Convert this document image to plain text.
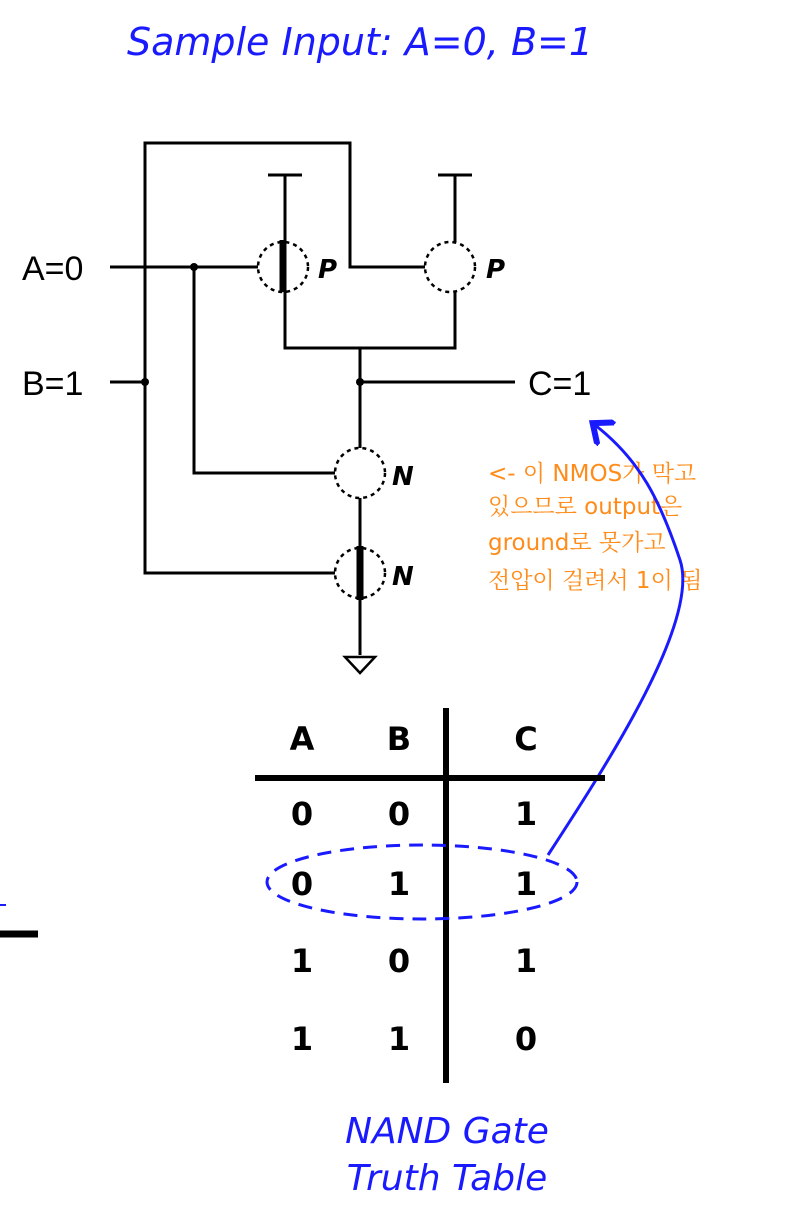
Sample Input: A=0, B=1
P	P
N
N
A=0
B=1	C=1
<- 이 NMOS가 막고
있으므로 output은
ground로 못가고
전압이 걸려서 1이 됨
A B	C
0 0	1
0 1	1
1 0	1
1 1	0
NAND Gate
Truth Table
